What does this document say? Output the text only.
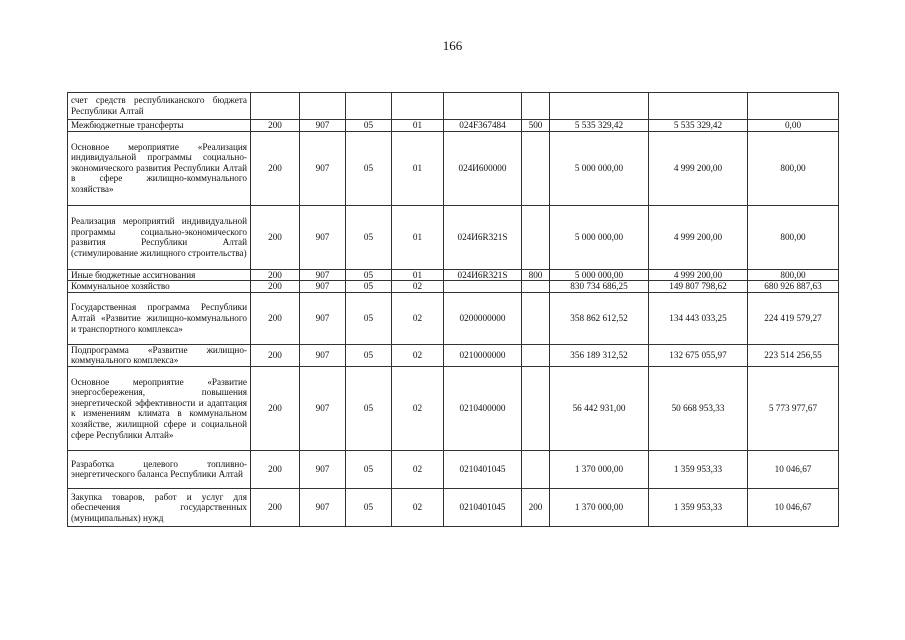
166
счет средств республиканского бюджета Республики Алтай									
Межбюджетные трансферты	200	907	05	01	024F367484	500	5 535 329,42	5 535 329,42	0,00
Основное мероприятие «Реализация индивидуальной программы социально-экономического развития Республики Алтай в сфере жилищно-коммунального хозяйства»	200	907	05	01	024И600000		5 000 000,00	4 999 200,00	800,00
Реализация мероприятий индивидуальной программы социально-экономического развития Республики Алтай (стимулирование жилищного строительства)	200	907	05	01	024И6R321S		5 000 000,00	4 999 200,00	800,00
Иные бюджетные ассигнования	200	907	05	01	024И6R321S	800	5 000 000,00	4 999 200,00	800,00
Коммунальное хозяйство	200	907	05	02			830 734 686,25	149 807 798,62	680 926 887,63
Государственная программа Республики Алтай «Развитие жилищно-коммунального и транспортного комплекса»	200	907	05	02	0200000000		358 862 612,52	134 443 033,25	224 419 579,27
Подпрограмма «Развитие жилищно-коммунального комплекса»	200	907	05	02	0210000000		356 189 312,52	132 675 055,97	223 514 256,55
Основное мероприятие «Развитие энергосбережения, повышения энергетической эффективности и адаптация к изменениям климата в коммунальном хозяйстве, жилищной сфере и социальной сфере Республики Алтай»	200	907	05	02	0210400000		56 442 931,00	50 668 953,33	5 773 977,67
Разработка целевого топливно-энергетического баланса Республики Алтай	200	907	05	02	0210401045		1 370 000,00	1 359 953,33	10 046,67
Закупка товаров, работ и услуг для обеспечения государственных (муниципальных) нужд	200	907	05	02	0210401045	200	1 370 000,00	1 359 953,33	10 046,67
